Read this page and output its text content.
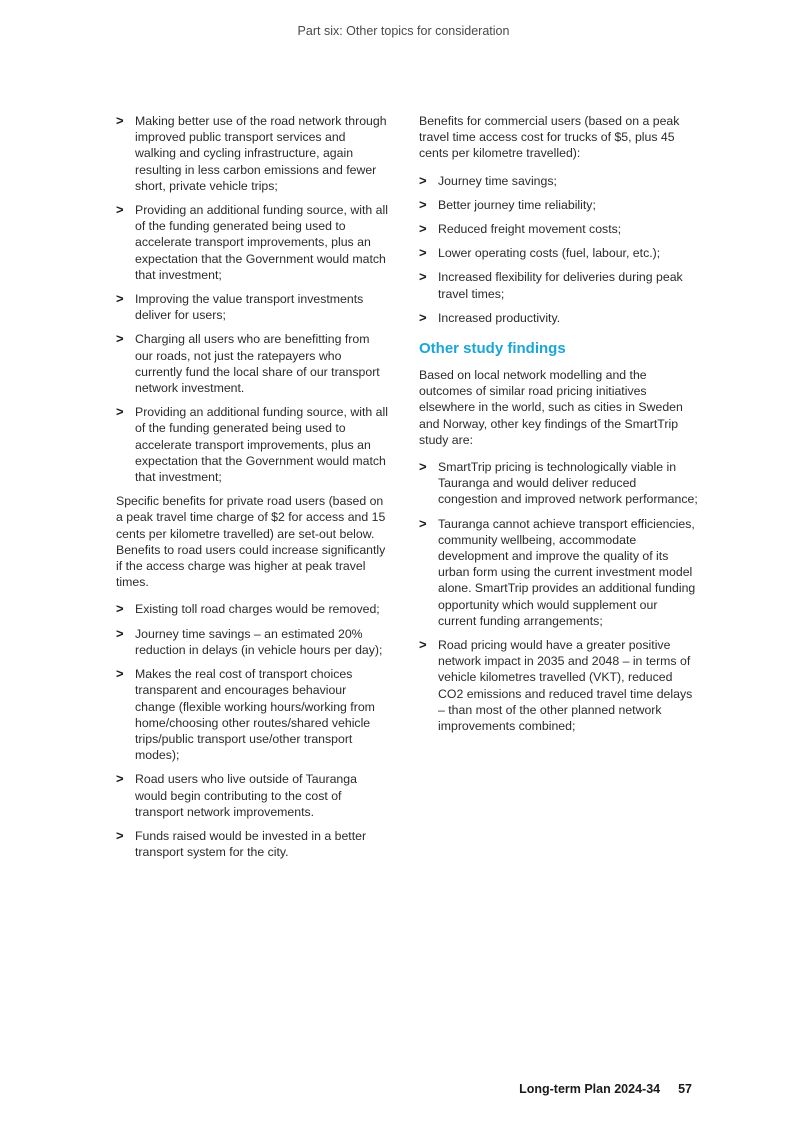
Part six: Other topics for consideration
> Making better use of the road network through improved public transport services and walking and cycling infrastructure, again resulting in less carbon emissions and fewer short, private vehicle trips;
> Providing an additional funding source, with all of the funding generated being used to accelerate transport improvements, plus an expectation that the Government would match that investment;
> Improving the value transport investments deliver for users;
> Charging all users who are benefitting from our roads, not just the ratepayers who currently fund the local share of our transport network investment.
> Providing an additional funding source, with all of the funding generated being used to accelerate transport improvements, plus an expectation that the Government would match that investment;

Specific benefits for private road users (based on a peak travel time charge of $2 for access and 15 cents per kilometre travelled) are set-out below. Benefits to road users could increase significantly if the access charge was higher at peak travel times.

> Existing toll road charges would be removed;
> Journey time savings – an estimated 20% reduction in delays (in vehicle hours per day);
> Makes the real cost of transport choices transparent and encourages behaviour change (flexible working hours/working from home/choosing other routes/shared vehicle trips/public transport use/other transport modes);
> Road users who live outside of Tauranga would begin contributing to the cost of transport network improvements.
> Funds raised would be invested in a better transport system for the city.

Benefits for commercial users (based on a peak travel time access cost for trucks of $5, plus 45 cents per kilometre travelled):

> Journey time savings;
> Better journey time reliability;
> Reduced freight movement costs;
> Lower operating costs (fuel, labour, etc.);
> Increased flexibility for deliveries during peak travel times;
> Increased productivity.
Other study findings

Based on local network modelling and the outcomes of similar road pricing initiatives elsewhere in the world, such as cities in Sweden and Norway, other key findings of the SmartTrip study are:

> SmartTrip pricing is technologically viable in Tauranga and would deliver reduced congestion and improved network performance;
> Tauranga cannot achieve transport efficiencies, community wellbeing, accommodate development and improve the quality of its urban form using the current investment model alone. SmartTrip provides an additional funding opportunity which would supplement our current funding arrangements;
> Road pricing would have a greater positive network impact in 2035 and 2048 – in terms of vehicle kilometres travelled (VKT), reduced CO2 emissions and reduced travel time delays – than most of the other planned network improvements combined;
Long-term Plan 2024-34 57
